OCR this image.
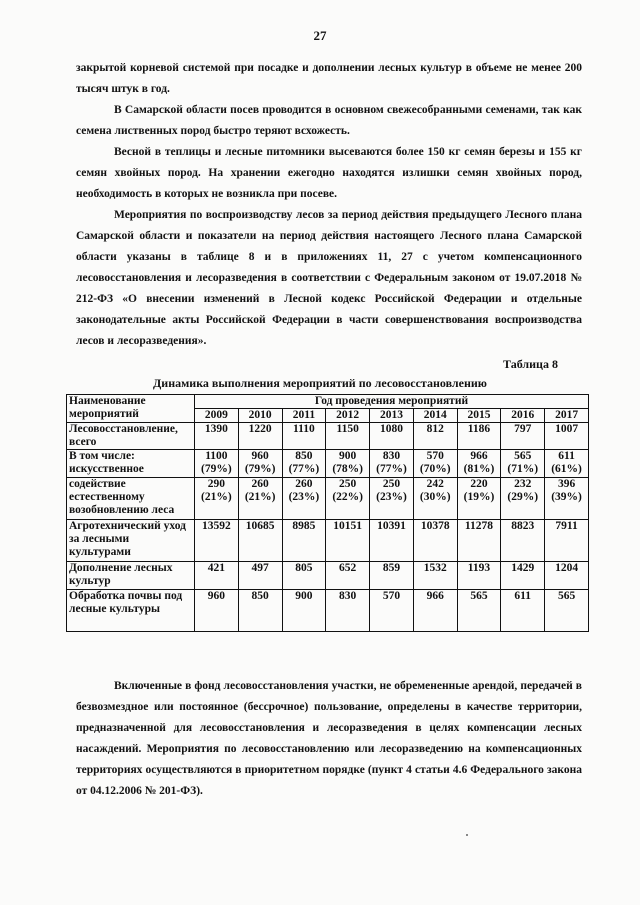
27

закрытой корневой системой при посадке и дополнении лесных культур в объеме не менее 200 тысяч штук в год.

В Самарской области посев проводится в основном свежесобранными семенами, так как семена лиственных пород быстро теряют всхожесть.

Весной в теплицы и лесные питомники высеваются более 150 кг семян березы и 155 кг семян хвойных пород. На хранении ежегодно находятся излишки семян хвойных пород, необходимость в которых не возникла при посеве.

Мероприятия по воспроизводству лесов за период действия предыдущего Лесного плана Самарской области и показатели на период действия настоящего Лесного плана Самарской области указаны в таблице 8 и в приложениях 11, 27 с учетом компенсационного лесовосстановления и лесоразведения в соответствии с Федеральным законом от 19.07.2018 № 212-ФЗ «О внесении изменений в Лесной кодекс Российской Федерации и отдельные законодательные акты Российской Федерации в части совершенствования воспроизводства лесов и лесоразведения».

Таблица 8
Динамика выполнения мероприятий по лесовосстановлению
Наименование мероприятий	Год проведения мероприятий								
	2009	2010	2011	2012	2013	2014	2015	2016	2017
Лесовосстановление, всего	1390	1220	1110	1150	1080	812	1186	797	1007
В том числе: искусственное	1100 (79%)	960 (79%)	850 (77%)	900 (78%)	830 (77%)	570 (70%)	966 (81%)	565 (71%)	611 (61%)
содействие естественному возобновлению леса	290 (21%)	260 (21%)	260 (23%)	250 (22%)	250 (23%)	242 (30%)	220 (19%)	232 (29%)	396 (39%)
Агротехнический уход за лесными культурами	13592	10685	8985	10151	10391	10378	11278	8823	7911
Дополнение лесных культур	421	497	805	652	859	1532	1193	1429	1204
Обработка почвы под лесные культуры	960	850	900	830	570	966	565	611	565

Включенные в фонд лесовосстановления участки, не обремененные арендой, передачей в безвозмездное или постоянное (бессрочное) пользование, определены в качестве территории, предназначенной для лесовосстановления и лесоразведения в целях компенсации лесных насаждений. Мероприятия по лесовосстановлению или лесоразведению на компенсационных территориях осуществляются в приоритетном порядке (пункт 4 статьи 4.6 Федерального закона от 04.12.2006 № 201-ФЗ).
